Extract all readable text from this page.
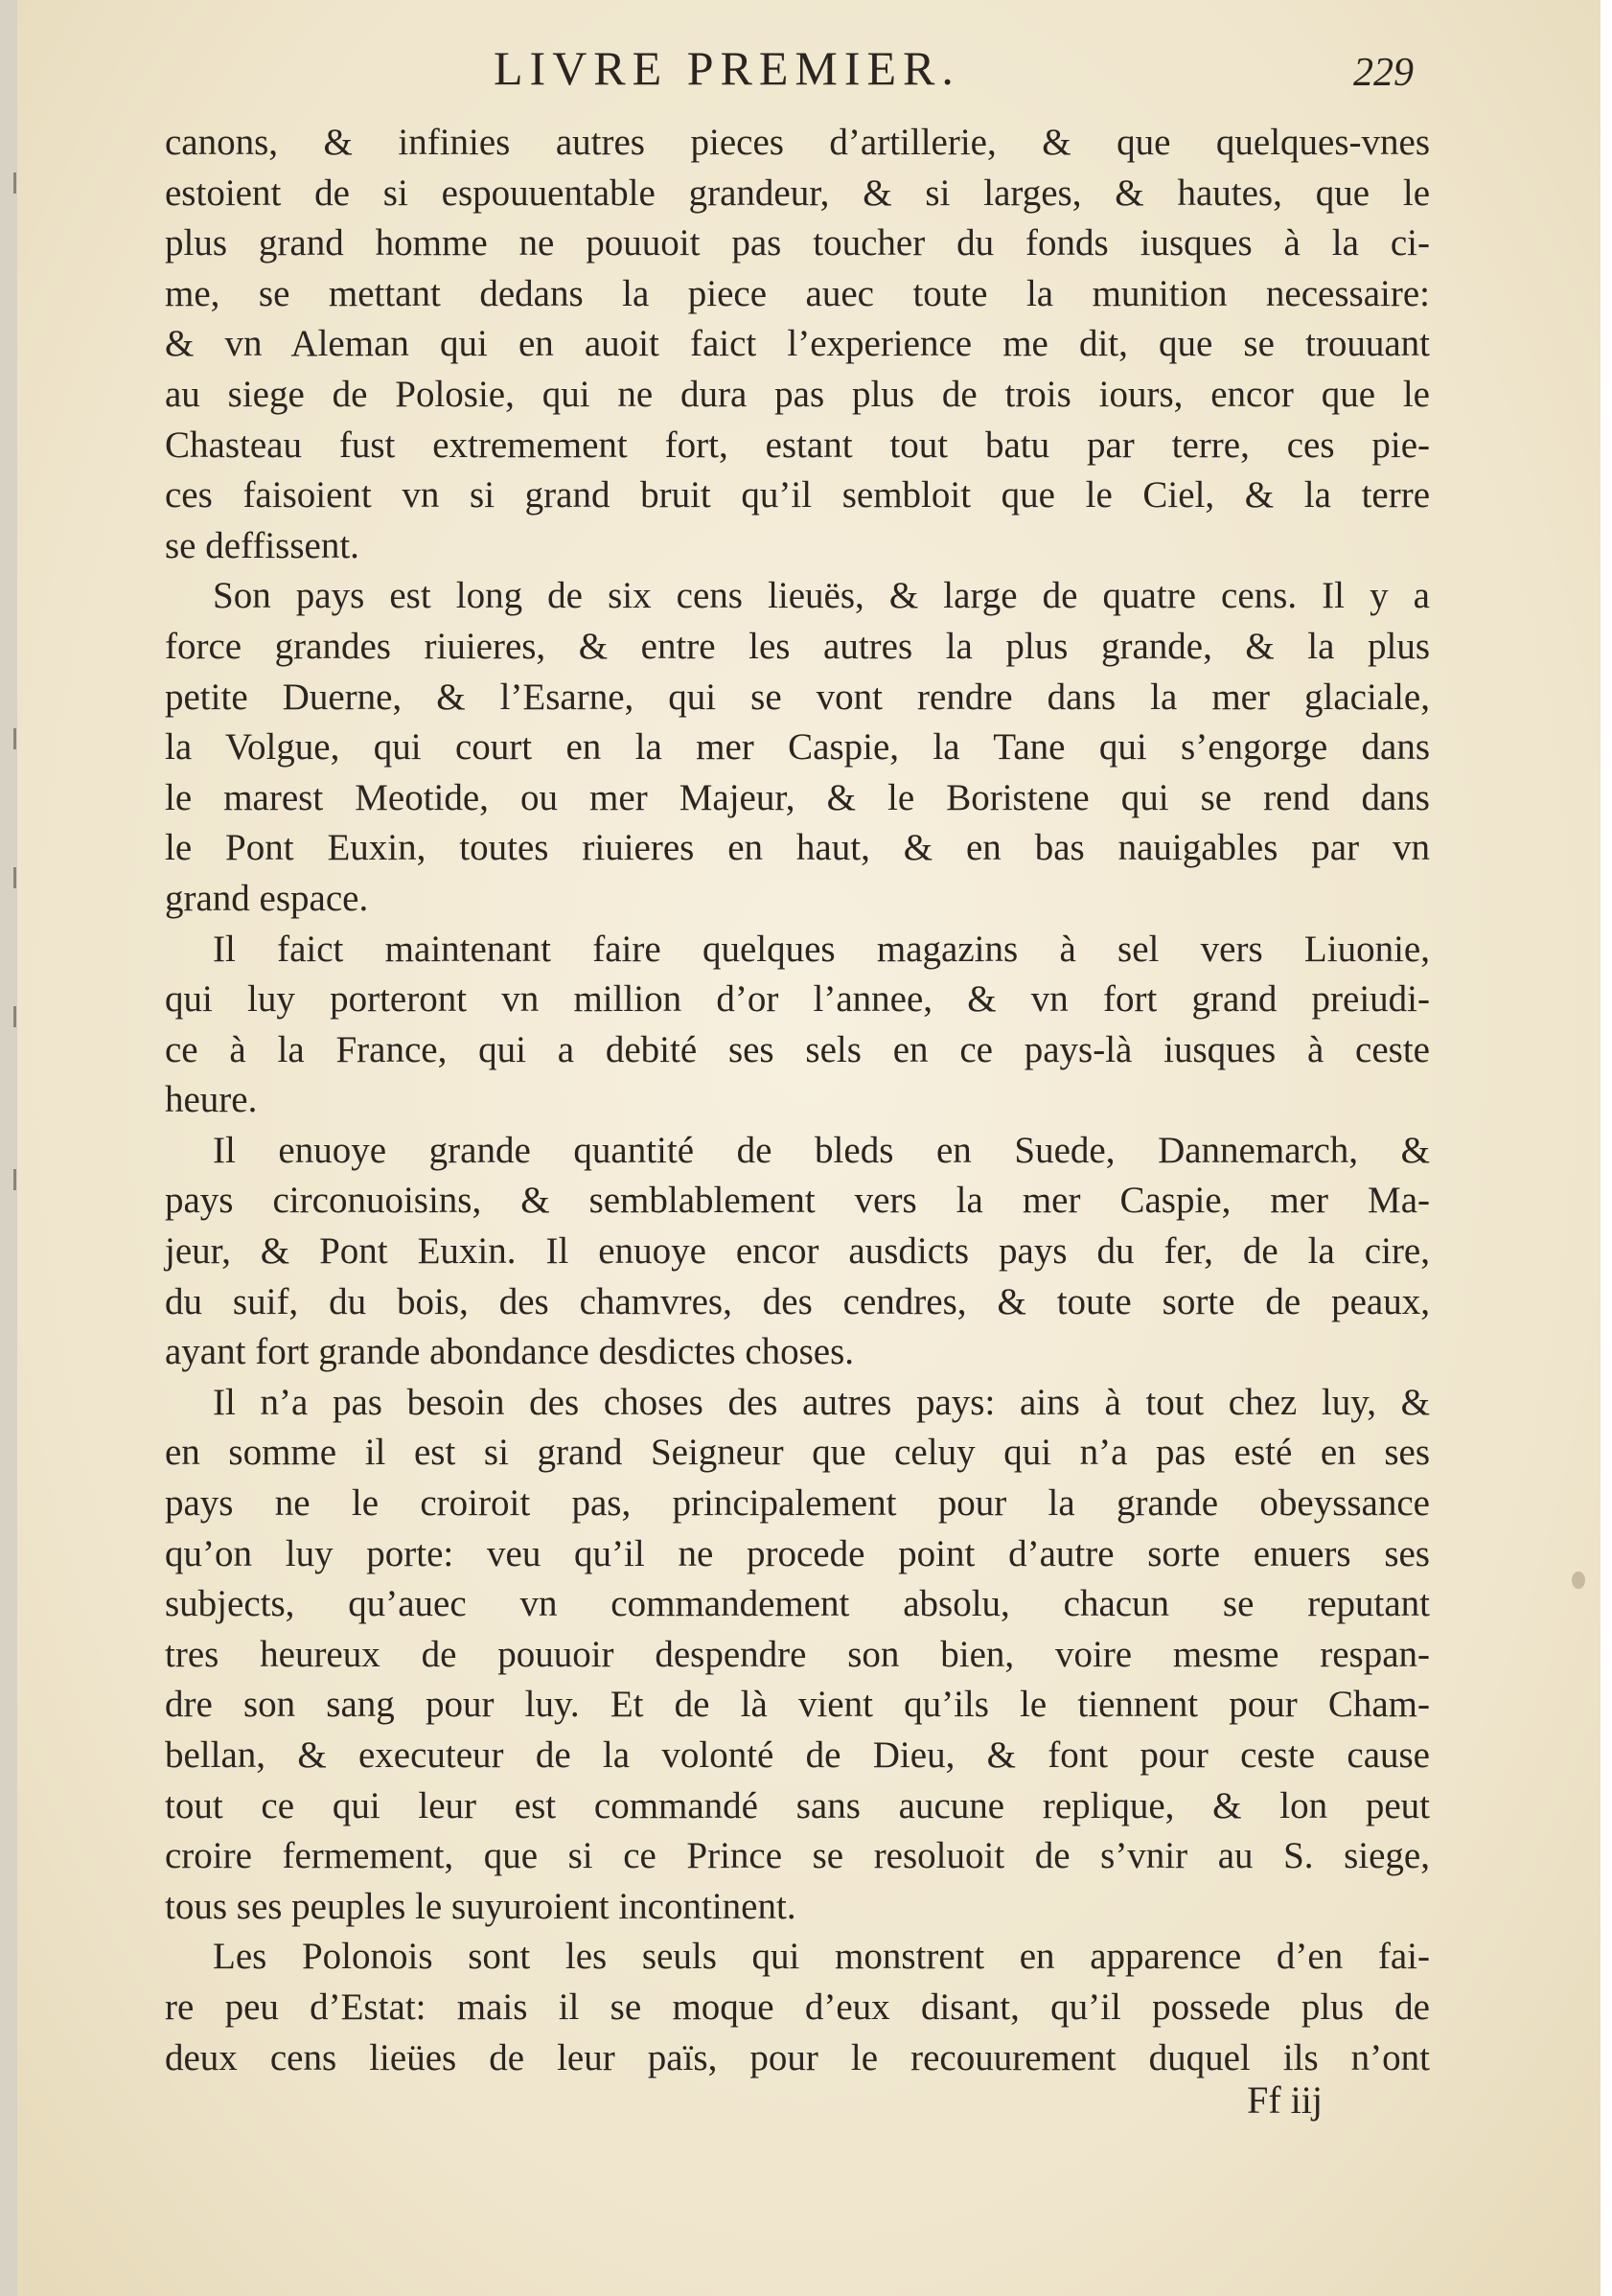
LIVRE PREMIER.	229
canons, & infinies autres pieces d’artillerie, & que quelques-vnes
estoient de si espouuentable grandeur, & si larges, & hautes, que le
plus grand homme ne pouuoit pas toucher du fonds iusques à la ci-
me, se mettant dedans la piece auec toute la munition necessaire:
& vn Aleman qui en auoit faict l’experience me dit, que se trouuant
au siege de Polosie, qui ne dura pas plus de trois iours, encor que le
Chasteau fust extremement fort, estant tout batu par terre, ces pie-
ces faisoient vn si grand bruit qu’il sembloit que le Ciel, & la terre
se deffissent.
Son pays est long de six cens lieuës, & large de quatre cens. Il y a
force grandes riuieres, & entre les autres la plus grande, & la plus
petite Duerne, & l’Esarne, qui se vont rendre dans la mer glaciale,
la Volgue, qui court en la mer Caspie, la Tane qui s’engorge dans
le marest Meotide, ou mer Majeur, & le Boristene qui se rend dans
le Pont Euxin, toutes riuieres en haut, & en bas nauigables par vn
grand espace.
Il faict maintenant faire quelques magazins à sel vers Liuonie,
qui luy porteront vn million d’or l’annee, & vn fort grand preiudi-
ce à la France, qui a debité ses sels en ce pays-là iusques à ceste
heure.
Il enuoye grande quantité de bleds en Suede, Dannemarch, &
pays circonuoisins, & semblablement vers la mer Caspie, mer Ma-
jeur, & Pont Euxin. Il enuoye encor ausdicts pays du fer, de la cire,
du suif, du bois, des chamvres, des cendres, & toute sorte de peaux,
ayant fort grande abondance desdictes choses.
Il n’a pas besoin des choses des autres pays: ains à tout chez luy, &
en somme il est si grand Seigneur que celuy qui n’a pas esté en ses
pays ne le croiroit pas, principalement pour la grande obeyssance
qu’on luy porte: veu qu’il ne procede point d’autre sorte enuers ses
subjects, qu’auec vn commandement absolu, chacun se reputant
tres heureux de pouuoir despendre son bien, voire mesme respan-
dre son sang pour luy. Et de là vient qu’ils le tiennent pour Cham-
bellan, & executeur de la volonté de Dieu, & font pour ceste cause
tout ce qui leur est commandé sans aucune replique, & lon peut
croire fermement, que si ce Prince se resoluoit de s’vnir au S. siege,
tous ses peuples le suyuroient incontinent.
Les Polonois sont les seuls qui monstrent en apparence d’en fai-
re peu d’Estat: mais il se moque d’eux disant, qu’il possede plus de
deux cens lieües de leur païs, pour le recouurement duquel ils n’ont
Ff iij
